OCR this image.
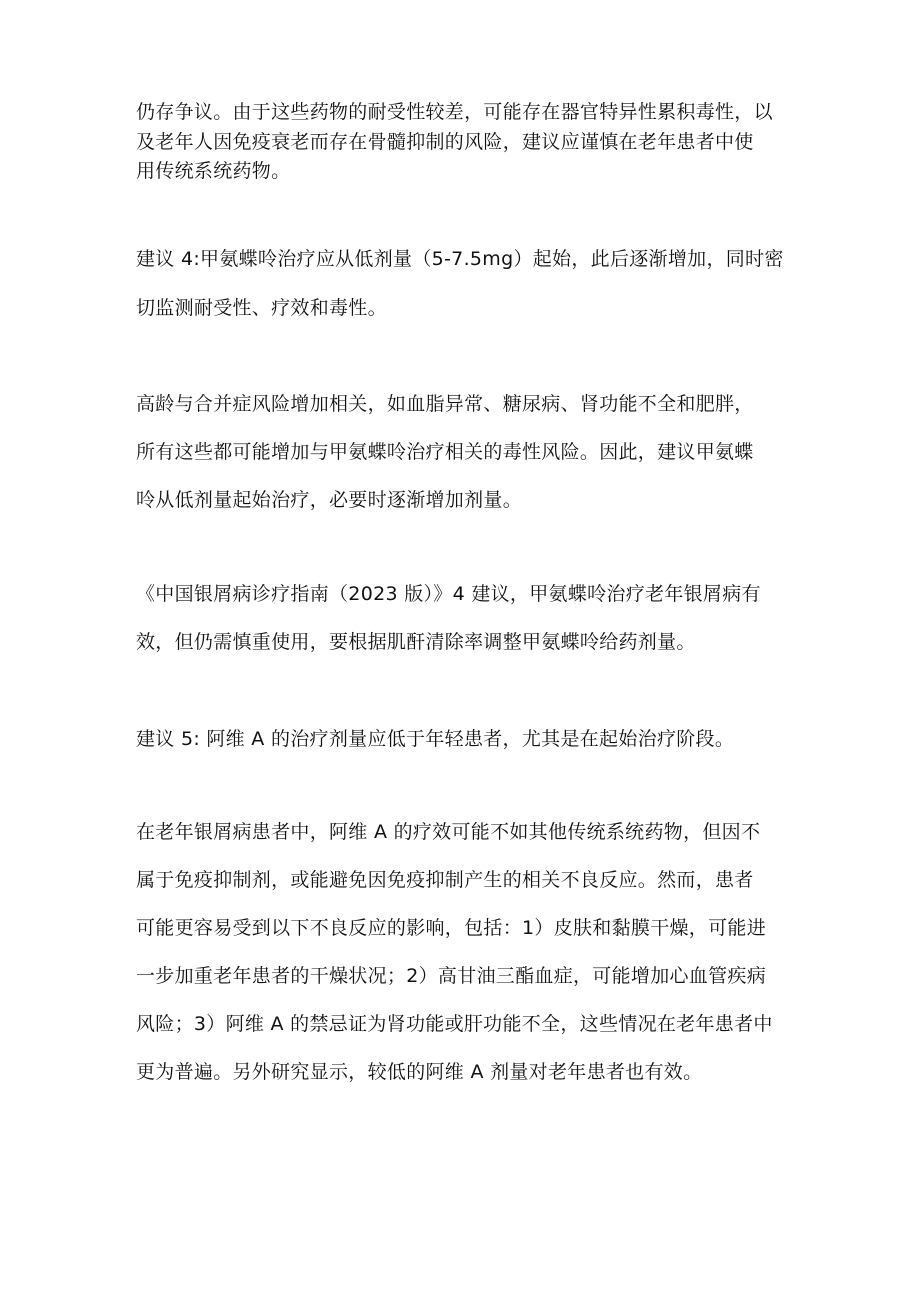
仍存争议。由于这些药物的耐受性较差，可能存在器官特异性累积毒性，以
及老年人因免疫衰老而存在骨髓抑制的风险，建议应谨慎在老年患者中使
用传统系统药物。
建议 4:甲氨蝶呤治疗应从低剂量（5-7.5mg）起始，此后逐渐增加，同时密
切监测耐受性、疗效和毒性。
高龄与合并症风险增加相关，如血脂异常、糖尿病、肾功能不全和肥胖，
所有这些都可能增加与甲氨蝶呤治疗相关的毒性风险。因此，建议甲氨蝶
呤从低剂量起始治疗，必要时逐渐增加剂量。
《中国银屑病诊疗指南（2023 版）》4 建议，甲氨蝶呤治疗老年银屑病有
效，但仍需慎重使用，要根据肌酐清除率调整甲氨蝶呤给药剂量。
建议 5: 阿维 A 的治疗剂量应低于年轻患者，尤其是在起始治疗阶段。
在老年银屑病患者中，阿维 A 的疗效可能不如其他传统系统药物，但因不
属于免疫抑制剂，或能避免因免疫抑制产生的相关不良反应。然而，患者
可能更容易受到以下不良反应的影响，包括：1）皮肤和黏膜干燥，可能进
一步加重老年患者的干燥状况；2）高甘油三酯血症，可能增加心血管疾病
风险；3）阿维 A 的禁忌证为肾功能或肝功能不全，这些情况在老年患者中
更为普遍。另外研究显示，较低的阿维 A 剂量对老年患者也有效。
